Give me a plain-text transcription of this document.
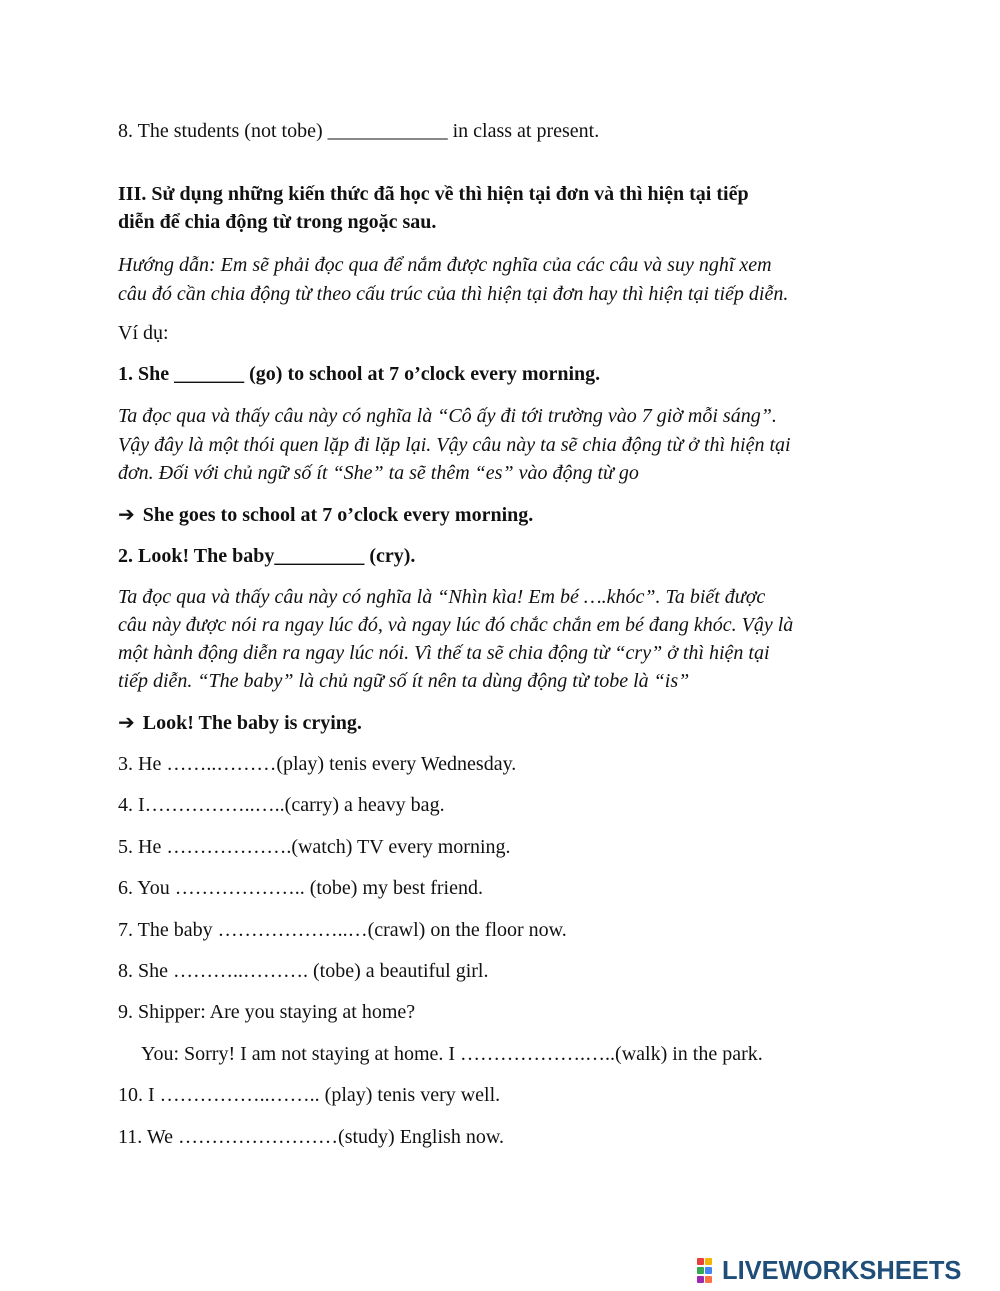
8. The students (not tobe) ____________ in class at present.
III. Sử dụng những kiến thức đã học về thì hiện tại đơn và thì hiện tại tiếp
diễn để chia động từ trong ngoặc sau.
Hướng dẫn: Em sẽ phải đọc qua để nắm được nghĩa của các câu và suy nghĩ xem
câu đó cần chia động từ theo cấu trúc của thì hiện tại đơn hay thì hiện tại tiếp diễn.
Ví dụ:
1. She _______ (go) to school at 7 o’clock every morning.
Ta đọc qua và thấy câu này có nghĩa là “Cô ấy đi tới trường vào 7 giờ mỗi sáng”.
Vậy đây là một thói quen lặp đi lặp lại. Vậy câu này ta sẽ chia động từ ở thì hiện tại
đơn. Đối với chủ ngữ số ít “She” ta sẽ thêm “es” vào động từ go
➔ She goes to school at 7 o’clock every morning.
2. Look! The baby_________ (cry).
Ta đọc qua và thấy câu này có nghĩa là “Nhìn kìa! Em bé ….khóc”. Ta biết được
câu này được nói ra ngay lúc đó, và ngay lúc đó chắc chắn em bé đang khóc. Vậy là
một hành động diễn ra ngay lúc nói. Vì thế ta sẽ chia động từ “cry” ở thì hiện tại
tiếp diễn. “The baby” là chủ ngữ số ít nên ta dùng động từ tobe là “is”
➔ Look! The baby is crying.
3. He ……..………(play) tenis every Wednesday.
4. I……………..…..(carry) a heavy bag.
5. He ……………….(watch) TV every morning.
6. You ……………….. (tobe) my best friend.
7. The baby ………………..…(crawl) on the floor now.
8. She ………..………. (tobe) a beautiful girl.
9. Shipper: Are you staying at home?
You: Sorry! I am not staying at home. I ……………….…..(walk) in the park.
10. I ……………..…….. (play) tenis very well.
11. We ……………………(study) English now.
LIVEWORKSHEETS
